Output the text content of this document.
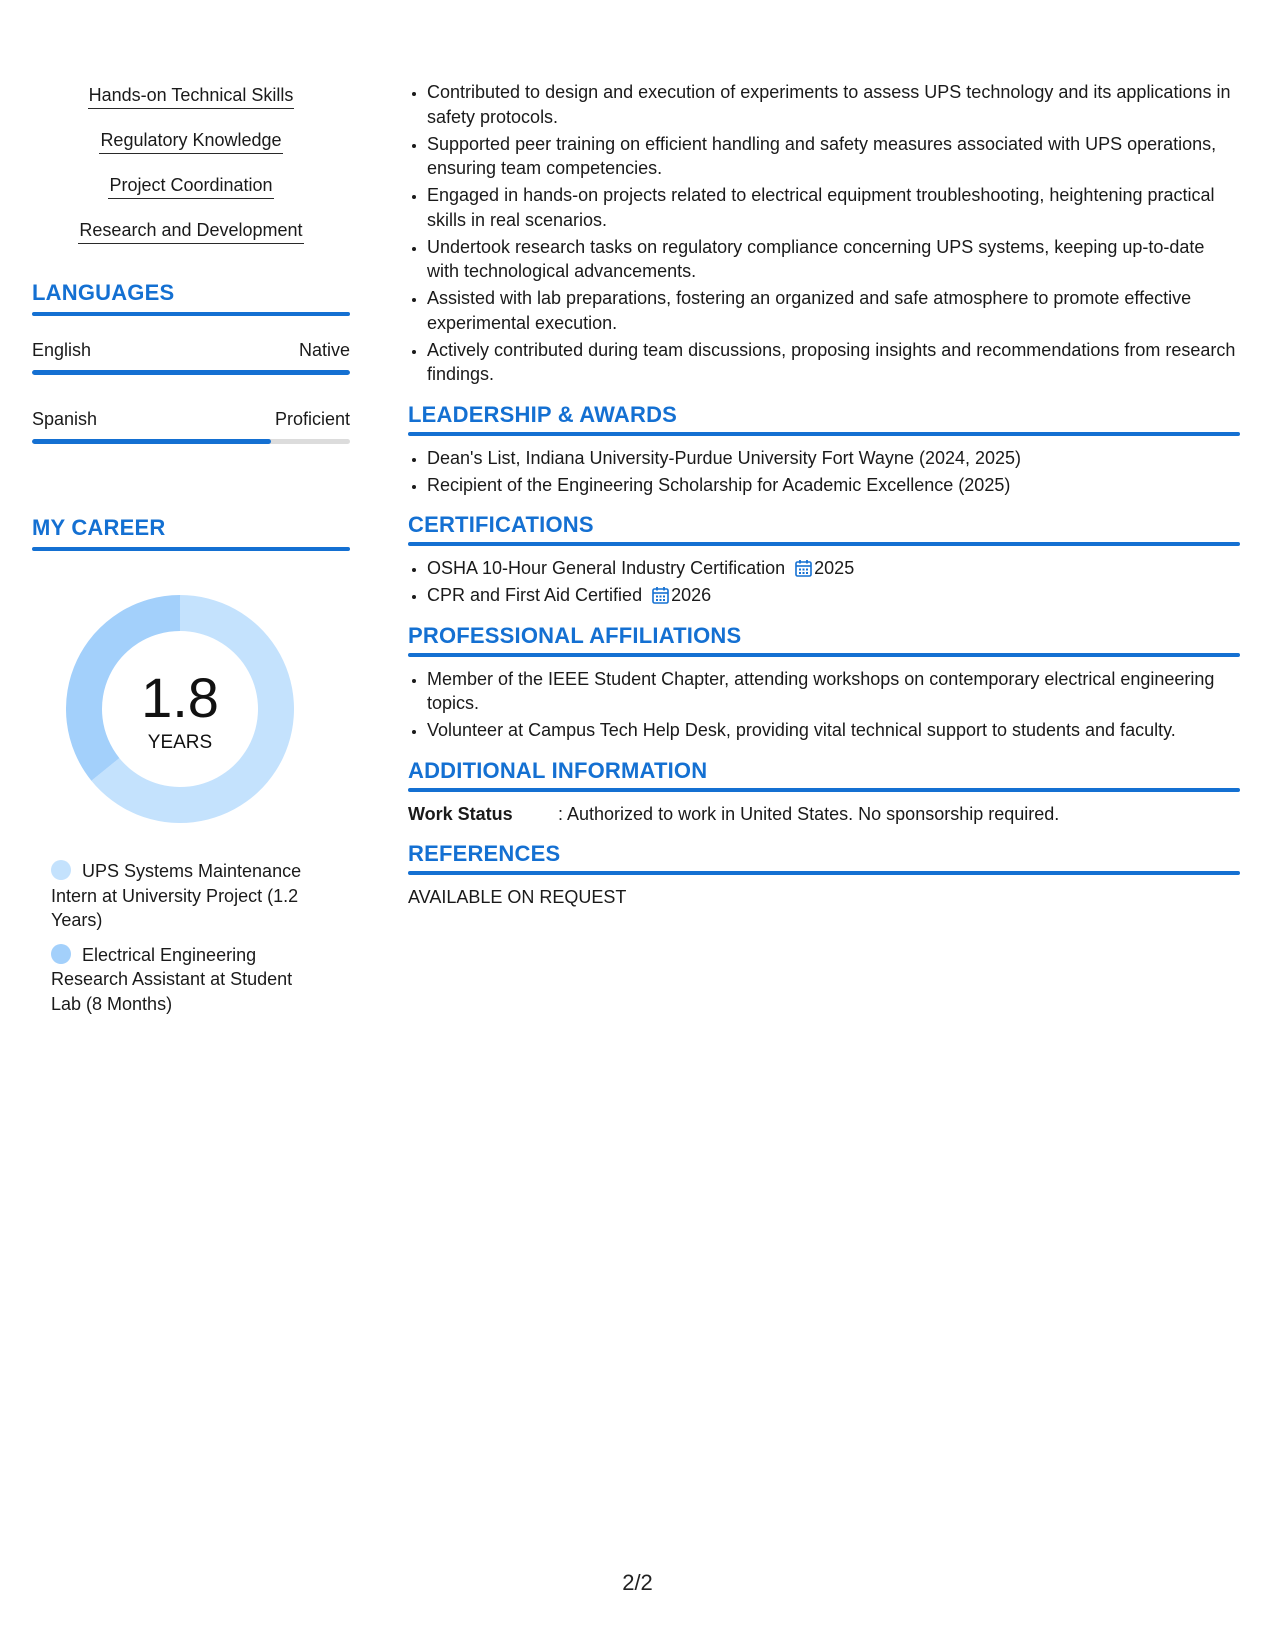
Hands-on Technical Skills
Regulatory Knowledge
Project Coordination
Research and Development
LANGUAGES
English	Native
Spanish	Proficient
MY CAREER
1.8
YEARS
UPS Systems Maintenance Intern at University Project (1.2 Years)
Electrical Engineering Research Assistant at Student Lab (8 Months)
• Contributed to design and execution of experiments to assess UPS technology and its applications in safety protocols.
• Supported peer training on efficient handling and safety measures associated with UPS operations, ensuring team competencies.
• Engaged in hands-on projects related to electrical equipment troubleshooting, heightening practical skills in real scenarios.
• Undertook research tasks on regulatory compliance concerning UPS systems, keeping up-to-date with technological advancements.
• Assisted with lab preparations, fostering an organized and safe atmosphere to promote effective experimental execution.
• Actively contributed during team discussions, proposing insights and recommendations from research findings.
LEADERSHIP & AWARDS
• Dean's List, Indiana University-Purdue University Fort Wayne (2024, 2025)
• Recipient of the Engineering Scholarship for Academic Excellence (2025)
CERTIFICATIONS
• OSHA 10-Hour General Industry Certification 2025
• CPR and First Aid Certified 2026
PROFESSIONAL AFFILIATIONS
• Member of the IEEE Student Chapter, attending workshops on contemporary electrical engineering topics.
• Volunteer at Campus Tech Help Desk, providing vital technical support to students and faculty.
ADDITIONAL INFORMATION
Work Status	: Authorized to work in United States. No sponsorship required.
REFERENCES
AVAILABLE ON REQUEST
2/2
